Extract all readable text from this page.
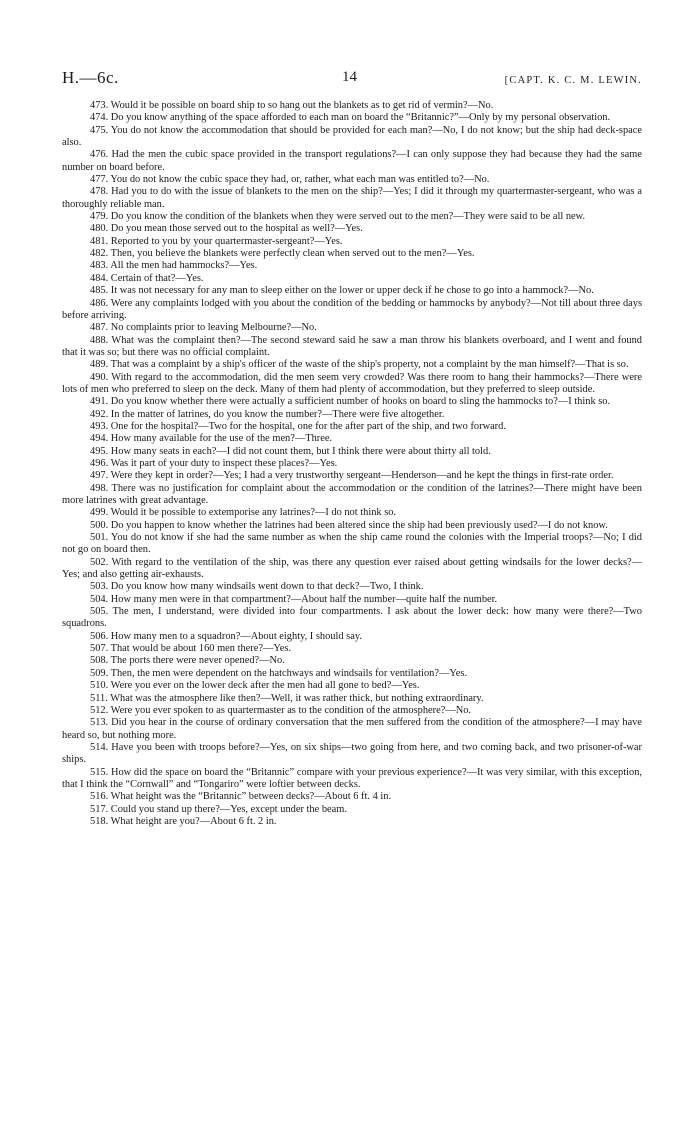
H.—6c.	14	[CAPT. K. C. M. LEWIN.

473. Would it be possible on board ship to so hang out the blankets as to get rid of vermin?—No.

474. Do you know anything of the space afforded to each man on board the “Britannic?”—Only by my personal observation.

475. You do not know the accommodation that should be provided for each man?—No, I do not know; but the ship had deck-space also.

476. Had the men the cubic space provided in the transport regulations?—I can only suppose they had because they had the same number on board before.

477. You do not know the cubic space they had, or, rather, what each man was entitled to?—No.

478. Had you to do with the issue of blankets to the men on the ship?—Yes; I did it through my quartermaster-sergeant, who was a thoroughly reliable man.

479. Do you know the condition of the blankets when they were served out to the men?—They were said to be all new.

480. Do you mean those served out to the hospital as well?—Yes.

481. Reported to you by your quartermaster-sergeant?—Yes.

482. Then, you believe the blankets were perfectly clean when served out to the men?—Yes.

483. All the men had hammocks?—Yes.

484. Certain of that?—Yes.

485. It was not necessary for any man to sleep either on the lower or upper deck if he chose to go into a hammock?—No.

486. Were any complaints lodged with you about the condition of the bedding or hammocks by anybody?—Not till about three days before arriving.

487. No complaints prior to leaving Melbourne?—No.

488. What was the complaint then?—The second steward said he saw a man throw his blankets overboard, and I went and found that it was so; but there was no official complaint.

489. That was a complaint by a ship's officer of the waste of the ship's property, not a complaint by the man himself?—That is so.

490. With regard to the accommodation, did the men seem very crowded? Was there room to hang their hammocks?—There were lots of men who preferred to sleep on the deck. Many of them had plenty of accommodation, but they preferred to sleep outside.

491. Do you know whether there were actually a sufficient number of hooks on board to sling the hammocks to?—I think so.

492. In the matter of latrines, do you know the number?—There were five altogether.

493. One for the hospital?—Two for the hospital, one for the after part of the ship, and two forward.

494. How many available for the use of the men?—Three.

495. How many seats in each?—I did not count them, but I think there were about thirty all told.

496. Was it part of your duty to inspect these places?—Yes.

497. Were they kept in order?—Yes; I had a very trustworthy sergeant—Henderson—and he kept the things in first-rate order.

498. There was no justification for complaint about the accommodation or the condition of the latrines?—There might have been more latrines with great advantage.

499. Would it be possible to extemporise any latrines?—I do not think so.

500. Do you happen to know whether the latrines had been altered since the ship had been previously used?—I do not know.

501. You do not know if she had the same number as when the ship came round the colonies with the Imperial troops?—No; I did not go on board then.

502. With regard to the ventilation of the ship, was there any question ever raised about getting windsails for the lower decks?—Yes; and also getting air-exhausts.

503. Do you know how many windsails went down to that deck?—Two, I think.

504. How many men were in that compartment?—About half the number—quite half the number.

505. The men, I understand, were divided into four compartments. I ask about the lower deck: how many were there?—Two squadrons.

506. How many men to a squadron?—About eighty, I should say.

507. That would be about 160 men there?—Yes.

508. The ports there were never opened?—No.

509. Then, the men were dependent on the hatchways and windsails for ventilation?—Yes.

510. Were you ever on the lower deck after the men had all gone to bed?—Yes.

511. What was the atmosphere like then?—Well, it was rather thick, but nothing extraordinary.

512. Were you ever spoken to as quartermaster as to the condition of the atmosphere?—No.

513. Did you hear in the course of ordinary conversation that the men suffered from the condition of the atmosphere?—I may have heard so, but nothing more.

514. Have you been with troops before?—Yes, on six ships—two going from here, and two coming back, and two prisoner-of-war ships.

515. How did the space on board the “Britannic” compare with your previous experience?—It was very similar, with this exception, that I think the “Cornwall” and “Tongariro” were loftier between decks.

516. What height was the “Britannic” between decks?—About 6 ft. 4 in.

517. Could you stand up there?—Yes, except under the beam.

518. What height are you?—About 6 ft. 2 in.
